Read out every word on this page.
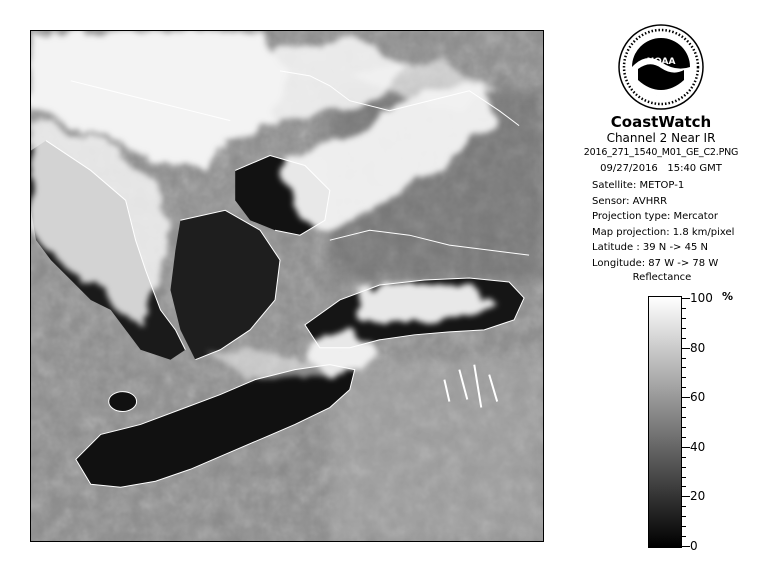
NOAA
CoastWatch
Channel 2 Near IR
2016_271_1540_M01_GE_C2.PNG
09/27/2016 15:40 GMT
Satellite: METOP-1
Sensor: AVHRR
Projection type: Mercator
Map projection: 1.8 km/pixel
Latitude : 39 N -> 45 N
Longitude: 87 W -> 78 W
Reflectance
%
100
80
60
40
20
0
